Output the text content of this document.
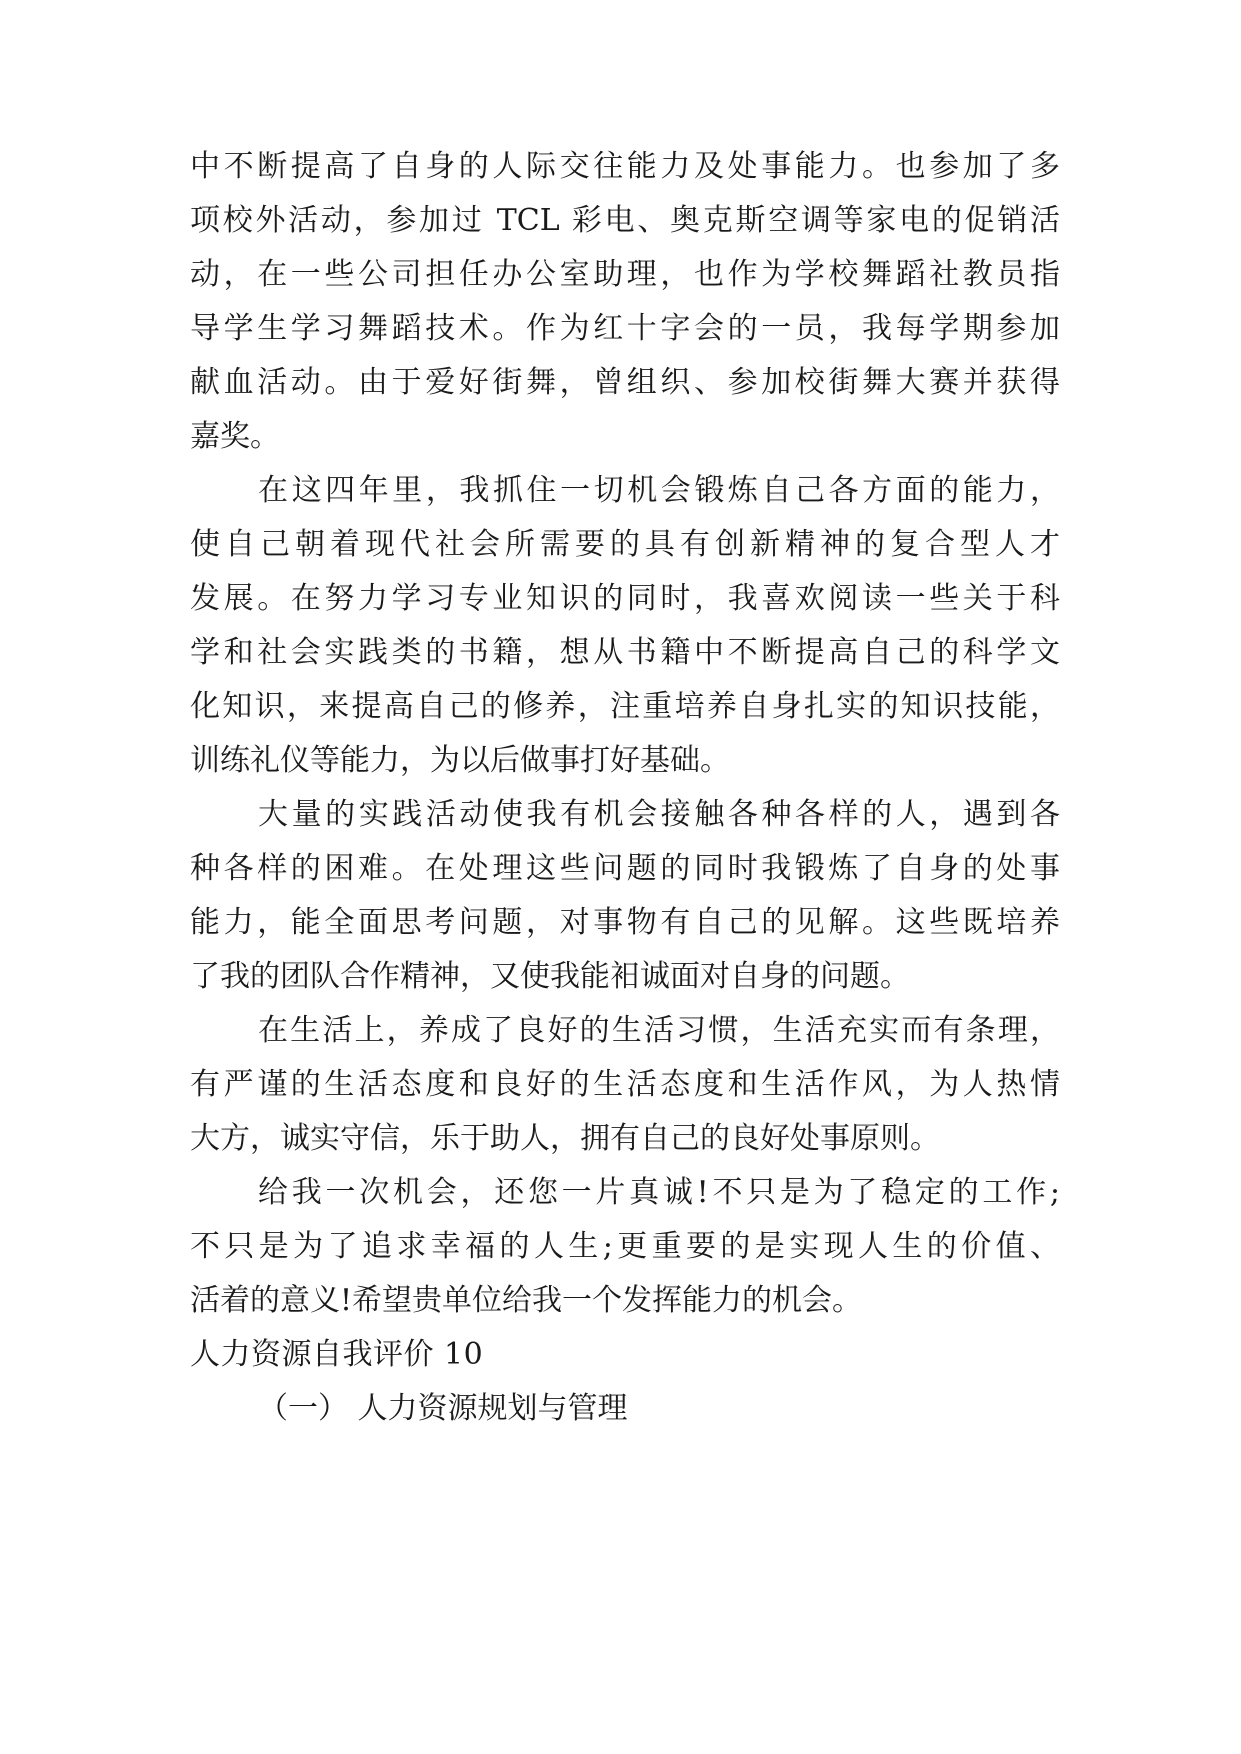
中不断提高了自身的人际交往能力及处事能力。也参加了多
项校外活动，参加过 TCL 彩电、奥克斯空调等家电的促销活
动，在一些公司担任办公室助理，也作为学校舞蹈社教员指
导学生学习舞蹈技术。作为红十字会的一员，我每学期参加
献血活动。由于爱好街舞，曾组织、参加校街舞大赛并获得
嘉奖。
在这四年里，我抓住一切机会锻炼自己各方面的能力，
使自己朝着现代社会所需要的具有创新精神的复合型人才
发展。在努力学习专业知识的同时，我喜欢阅读一些关于科
学和社会实践类的书籍，想从书籍中不断提高自己的科学文
化知识，来提高自己的修养，注重培养自身扎实的知识技能，
训练礼仪等能力，为以后做事打好基础。
大量的实践活动使我有机会接触各种各样的人，遇到各
种各样的困难。在处理这些问题的同时我锻炼了自身的处事
能力，能全面思考问题，对事物有自己的见解。这些既培养
了我的团队合作精神，又使我能衵诚面对自身的问题。
在生活上，养成了良好的生活习惯，生活充实而有条理，
有严谨的生活态度和良好的生活态度和生活作风，为人热情
大方，诚实守信，乐于助人，拥有自己的良好处事原则。
给我一次机会，还您一片真诚!不只是为了稳定的工作;
不只是为了追求幸福的人生;更重要的是实现人生的价值、
活着的意义!希望贵单位给我一个发挥能力的机会。
人力资源自我评价 10
（一） 人力资源规划与管理
